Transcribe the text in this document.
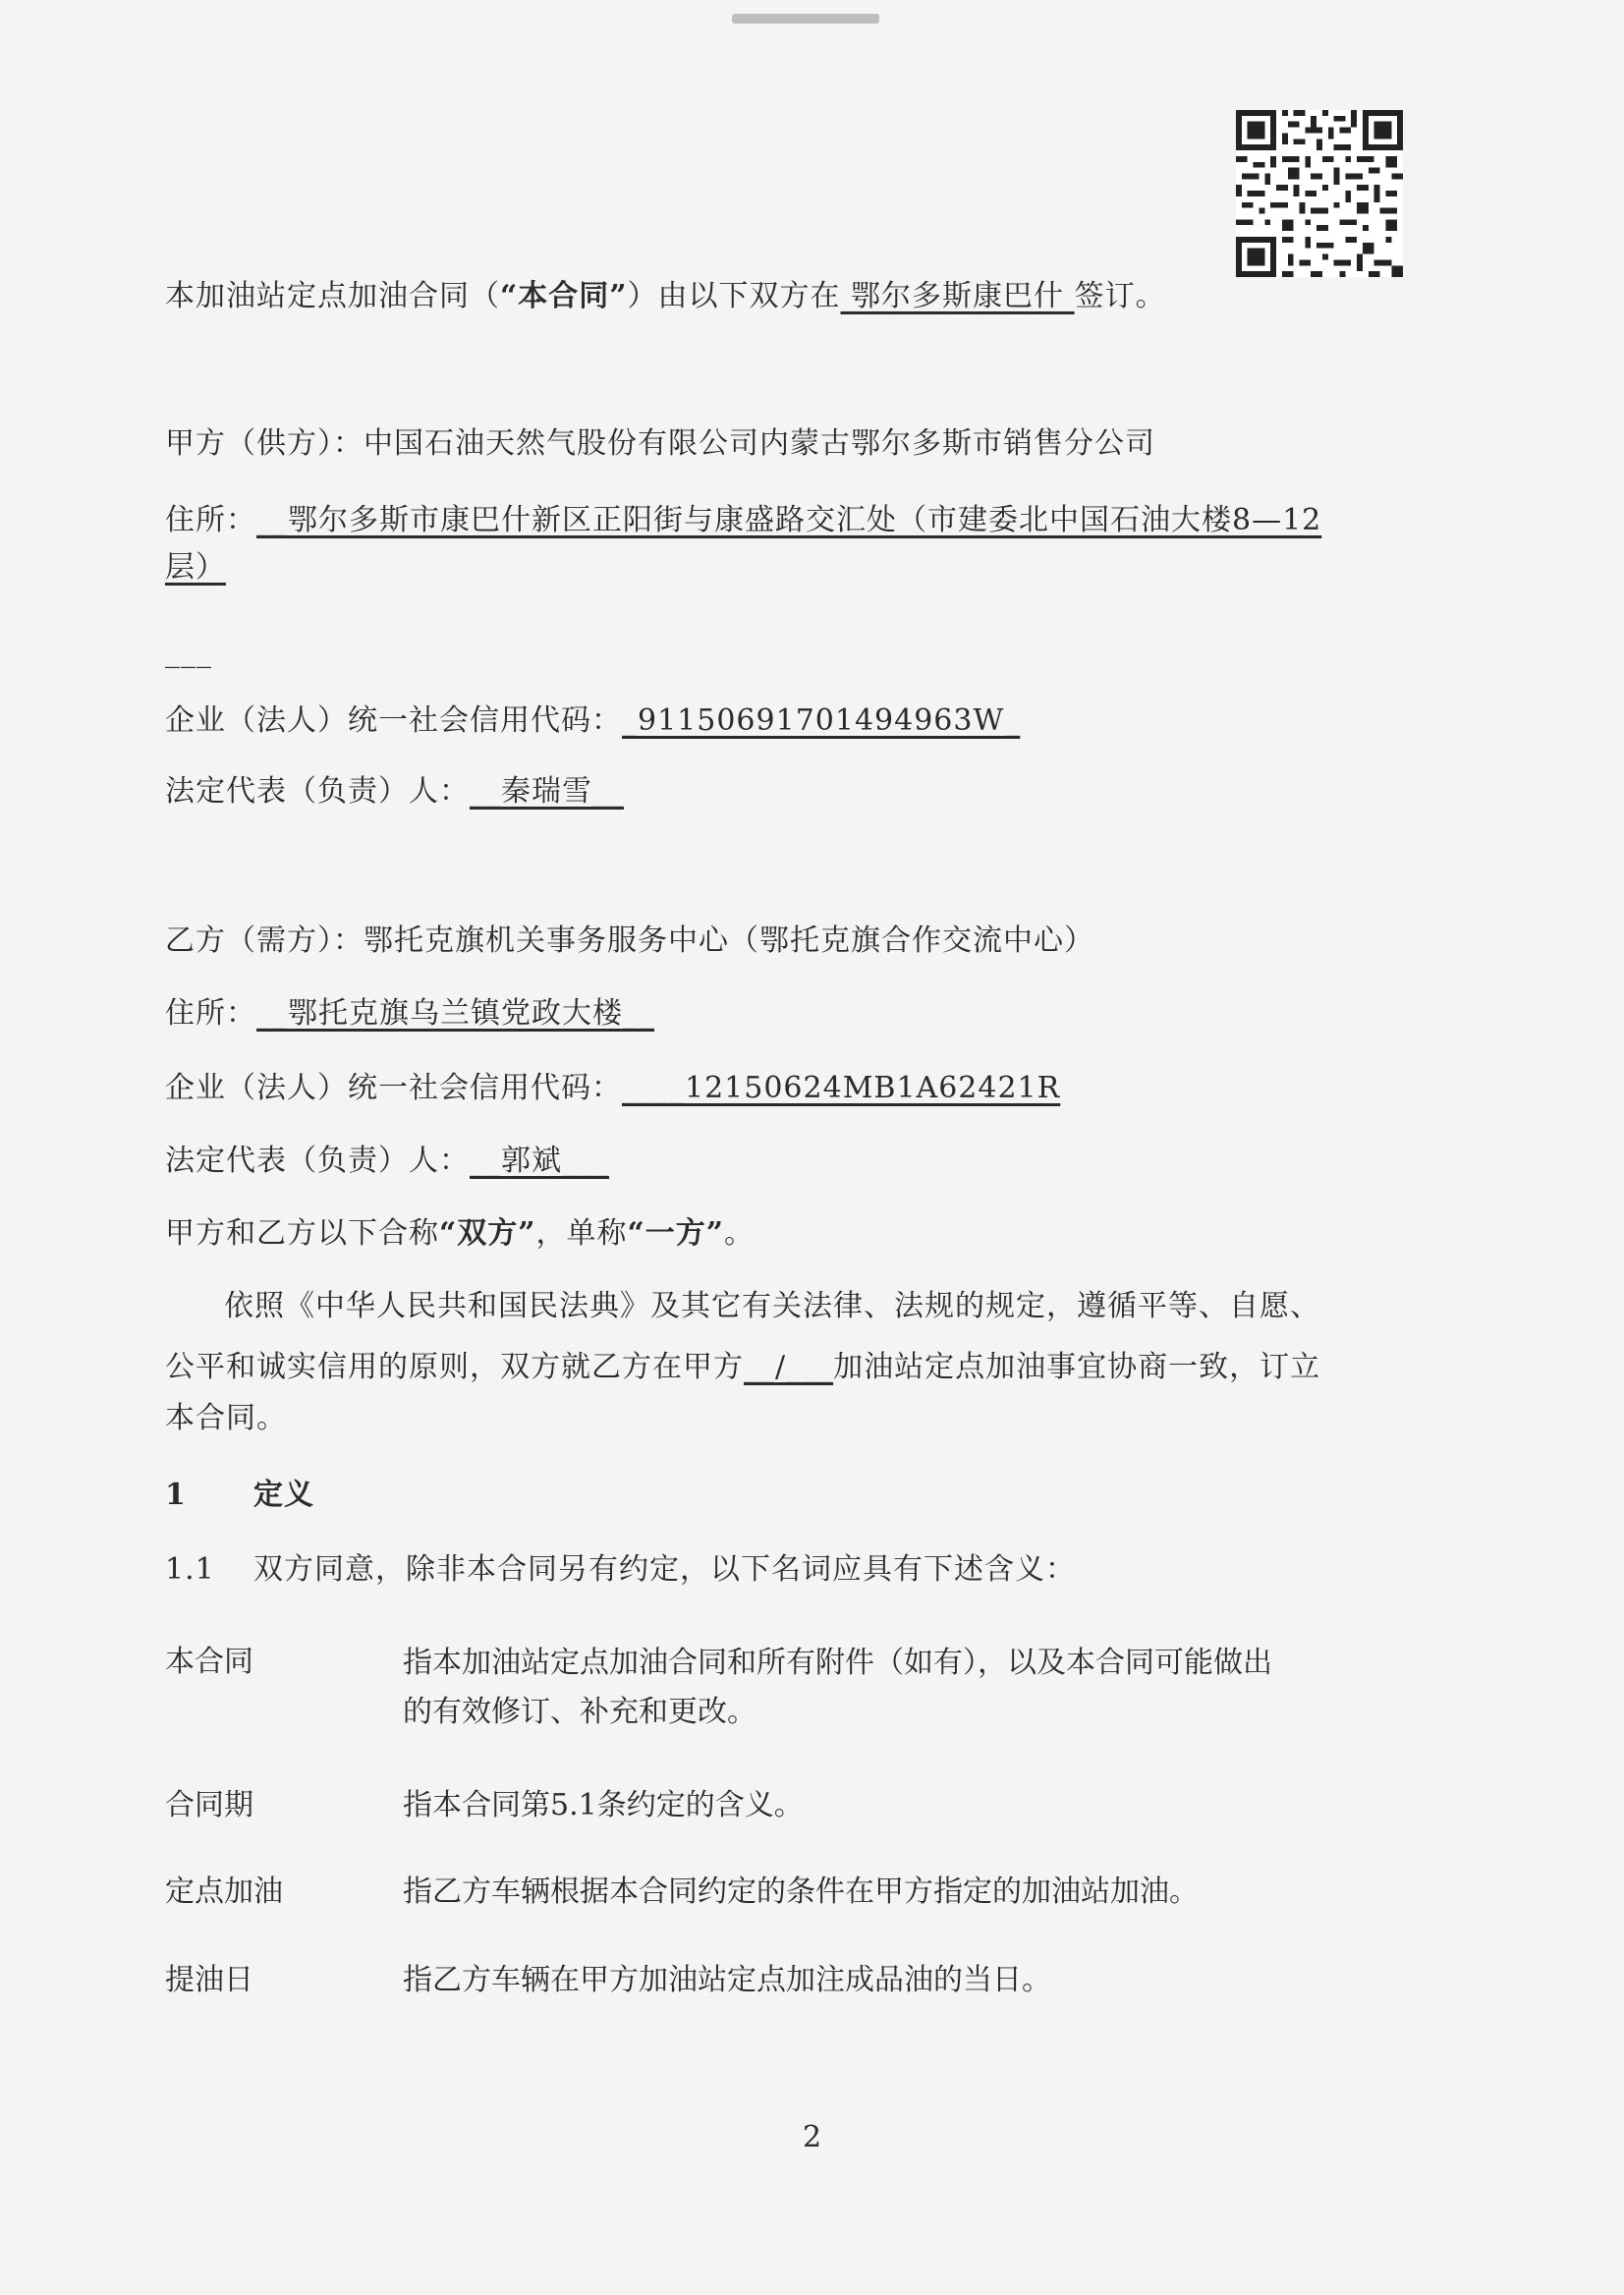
本加油站定点加油合同（“本合同”）由以下双方在 鄂尔多斯康巴什 签订。
甲方（供方）：中国石油天然气股份有限公司内蒙古鄂尔多斯市销售分公司
住所：__鄂尔多斯市康巴什新区正阳街与康盛路交汇处（市建委北中国石油大楼8—12
层）
___
企业（法人）统一社会信用代码：_91150691701494963W_
法定代表（负责）人：__秦瑞雪__
乙方（需方）：鄂托克旗机关事务服务中心（鄂托克旗合作交流中心）
住所：__鄂托克旗乌兰镇党政大楼__
企业（法人）统一社会信用代码：____12150624MB1A62421R
法定代表（负责）人：__郭斌___
甲方和乙方以下合称“双方”，单称“一方”。
依照《中华人民共和国民法典》及其它有关法律、法规的规定，遵循平等、自愿、
公平和诚实信用的原则，双方就乙方在甲方__/___加油站定点加油事宜协商一致，订立
本合同。
1 定义
1.1 双方同意，除非本合同另有约定，以下名词应具有下述含义：
本合同	指本加油站定点加油合同和所有附件（如有），以及本合同可能做出
的有效修订、补充和更改。
合同期	指本合同第5.1条约定的含义。
定点加油	指乙方车辆根据本合同约定的条件在甲方指定的加油站加油。
提油日	指乙方车辆在甲方加油站定点加注成品油的当日。
2
